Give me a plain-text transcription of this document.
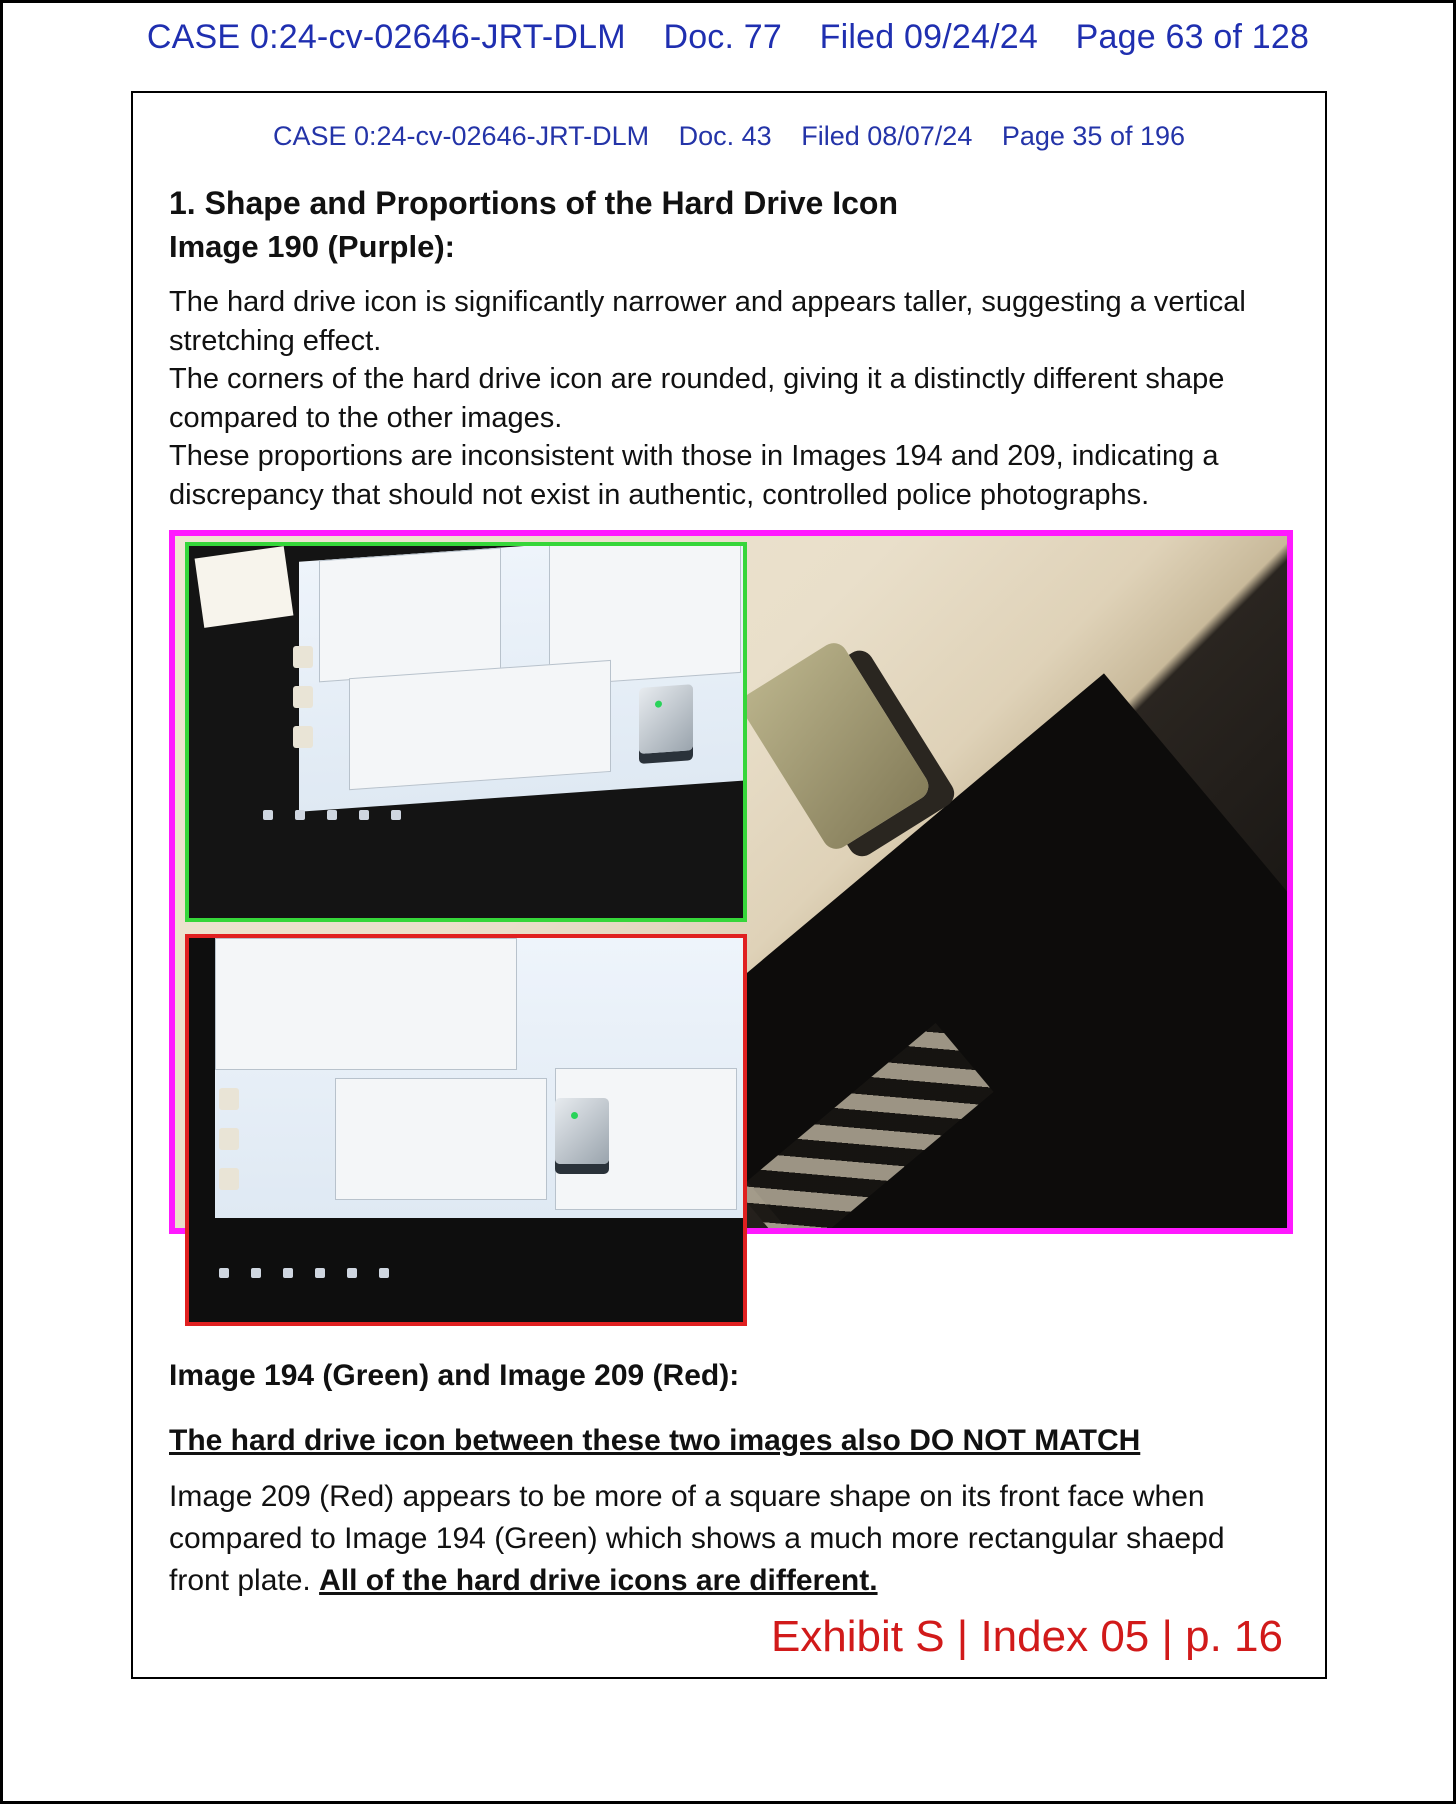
CASE 0:24-cv-02646-JRT-DLM Doc. 77 Filed 09/24/24 Page 63 of 128
CASE 0:24-cv-02646-JRT-DLM Doc. 43 Filed 08/07/24 Page 35 of 196
1. Shape and Proportions of the Hard Drive Icon
Image 190 (Purple):

The hard drive icon is significantly narrower and appears taller, suggesting a vertical stretching effect.

The corners of the hard drive icon are rounded, giving it a distinctly different shape compared to the other images.

These proportions are inconsistent with those in Images 194 and 209, indicating a discrepancy that should not exist in authentic, controlled police photographs.

Image 194 (Green) and Image 209 (Red):
The hard drive icon between these two images also DO NOT MATCH

Image 209 (Red) appears to be more of a square shape on its front face when compared to Image 194 (Green) which shows a much more rectangular shaepd front plate. All of the hard drive icons are different.

Exhibit S | Index 05 | p. 16
